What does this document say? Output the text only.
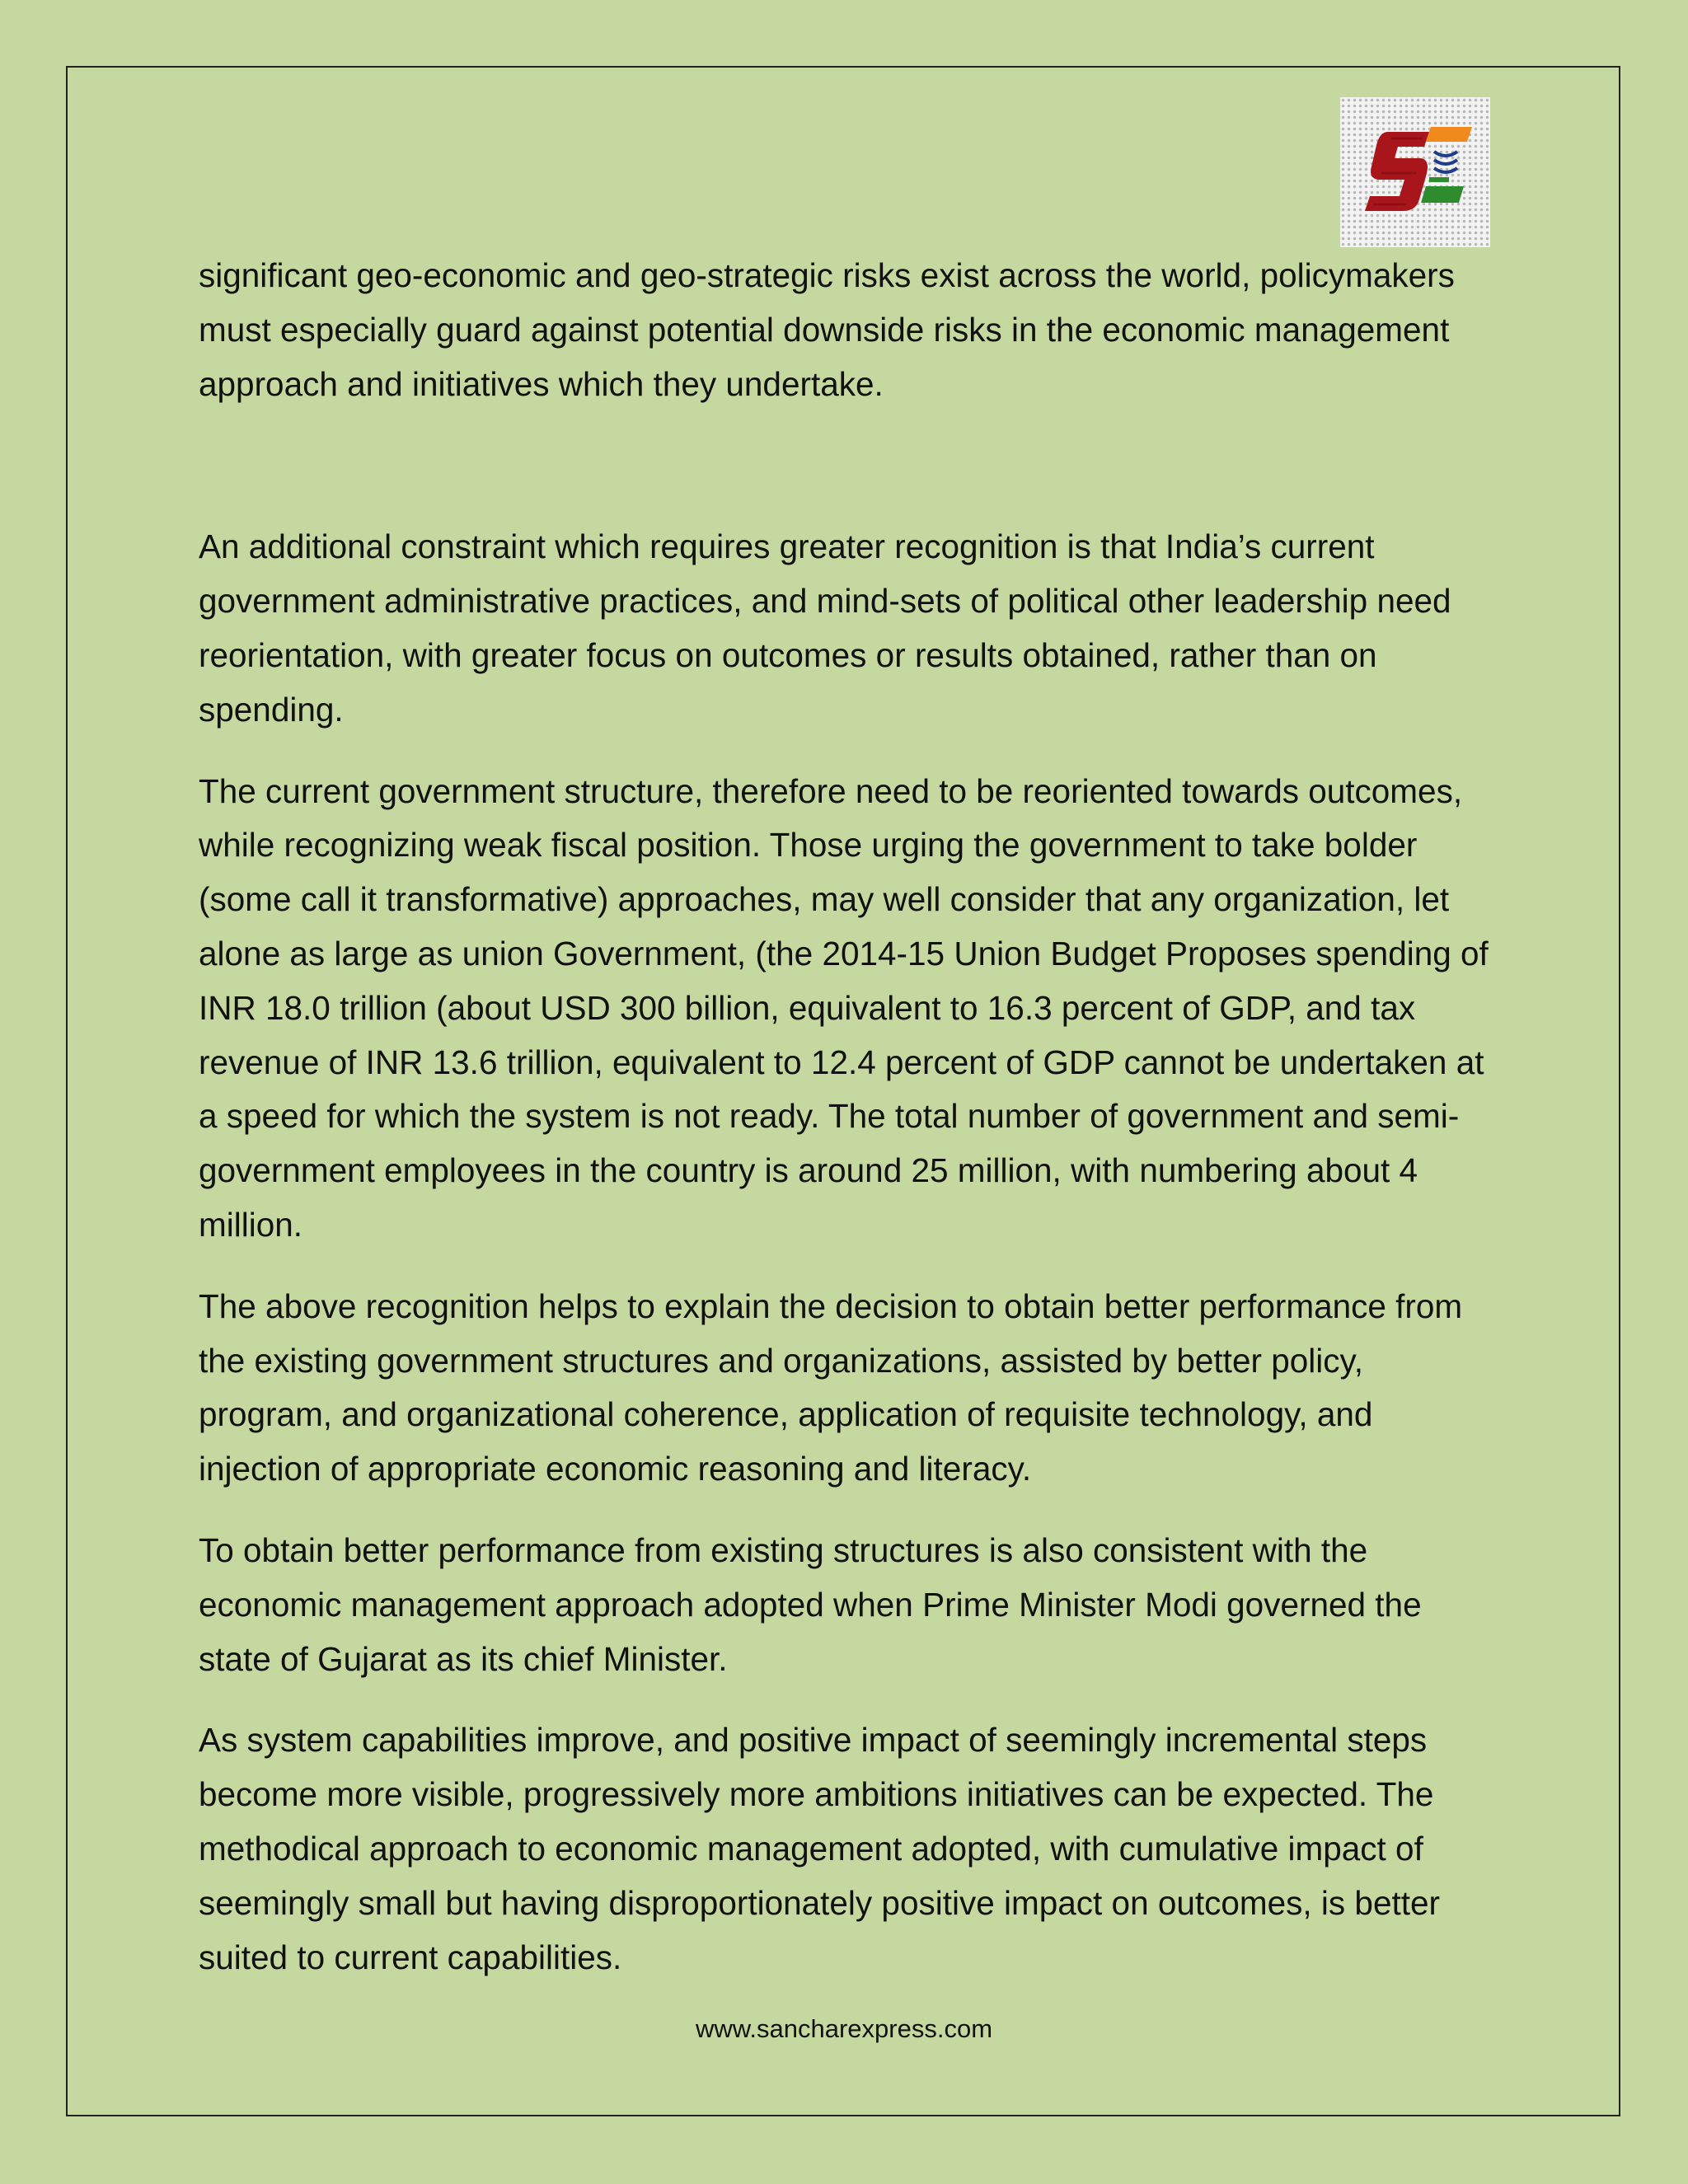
significant geo-economic and geo-strategic risks exist across the world, policymakers must especially guard against potential downside risks in the economic management approach and initiatives which they undertake.

An additional constraint which requires greater recognition is that India’s current government administrative practices, and mind-sets of political other leadership need reorientation, with greater focus on outcomes or results obtained, rather than on spending.

The current government structure, therefore need to be reoriented towards outcomes, while recognizing weak fiscal position. Those urging the government to take bolder (some call it transformative) approaches, may well consider that any organization, let alone as large as union Government, (the 2014-15 Union Budget Proposes spending of INR 18.0 trillion (about USD 300 billion, equivalent to 16.3 percent of GDP, and tax revenue of INR 13.6 trillion, equivalent to 12.4 percent of GDP cannot be undertaken at a speed for which the system is not ready. The total number of government and semi-government employees in the country is around 25 million, with numbering about 4 million.

The above recognition helps to explain the decision to obtain better performance from the existing government structures and organizations, assisted by better policy, program, and organizational coherence, application of requisite technology, and injection of appropriate economic reasoning and literacy.

To obtain better performance from existing structures is also consistent with the economic management approach adopted when Prime Minister Modi governed the state of Gujarat as its chief Minister.

As system capabilities improve, and positive impact of seemingly incremental steps become more visible, progressively more ambitions initiatives can be expected. The methodical approach to economic management adopted, with cumulative impact of seemingly small but having disproportionately positive impact on outcomes, is better suited to current capabilities.

www.sancharexpress.com
